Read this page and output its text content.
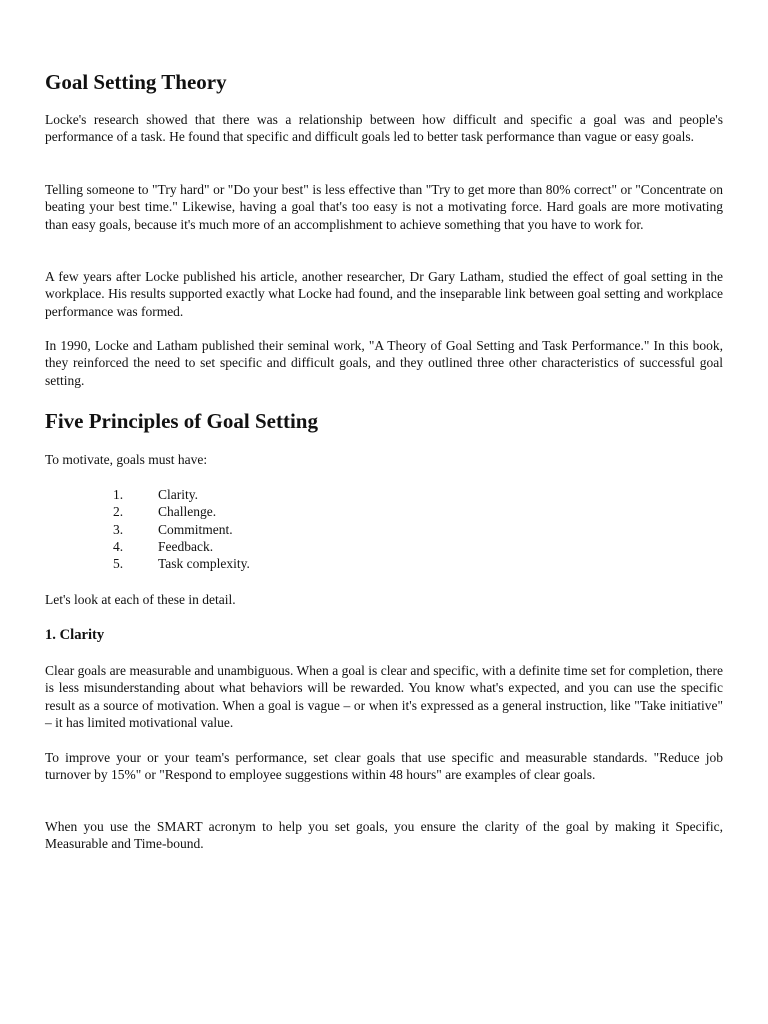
Goal Setting Theory

Locke's research showed that there was a relationship between how difficult and specific a goal was and people's performance of a task. He found that specific and difficult goals led to better task performance than vague or easy goals.

Telling someone to "Try hard" or "Do your best" is less effective than "Try to get more than 80% correct" or "Concentrate on beating your best time." Likewise, having a goal that's too easy is not a motivating force. Hard goals are more motivating than easy goals, because it's much more of an accomplishment to achieve something that you have to work for.

A few years after Locke published his article, another researcher, Dr Gary Latham, studied the effect of goal setting in the workplace. His results supported exactly what Locke had found, and the inseparable link between goal setting and workplace performance was formed.

In 1990, Locke and Latham published their seminal work, "A Theory of Goal Setting and Task Performance." In this book, they reinforced the need to set specific and difficult goals, and they outlined three other characteristics of successful goal setting.

Five Principles of Goal Setting

To motivate, goals must have:

1.	Clarity.
2.	Challenge.
3.	Commitment.
4.	Feedback.
5.	Task complexity.

Let's look at each of these in detail.

1. Clarity

Clear goals are measurable and unambiguous. When a goal is clear and specific, with a definite time set for completion, there is less misunderstanding about what behaviors will be rewarded. You know what's expected, and you can use the specific result as a source of motivation. When a goal is vague – or when it's expressed as a general instruction, like "Take initiative" – it has limited motivational value.

To improve your or your team's performance, set clear goals that use specific and measurable standards. "Reduce job turnover by 15%" or "Respond to employee suggestions within 48 hours" are examples of clear goals.

When you use the SMART acronym to help you set goals, you ensure the clarity of the goal by making it Specific, Measurable and Time-bound.
